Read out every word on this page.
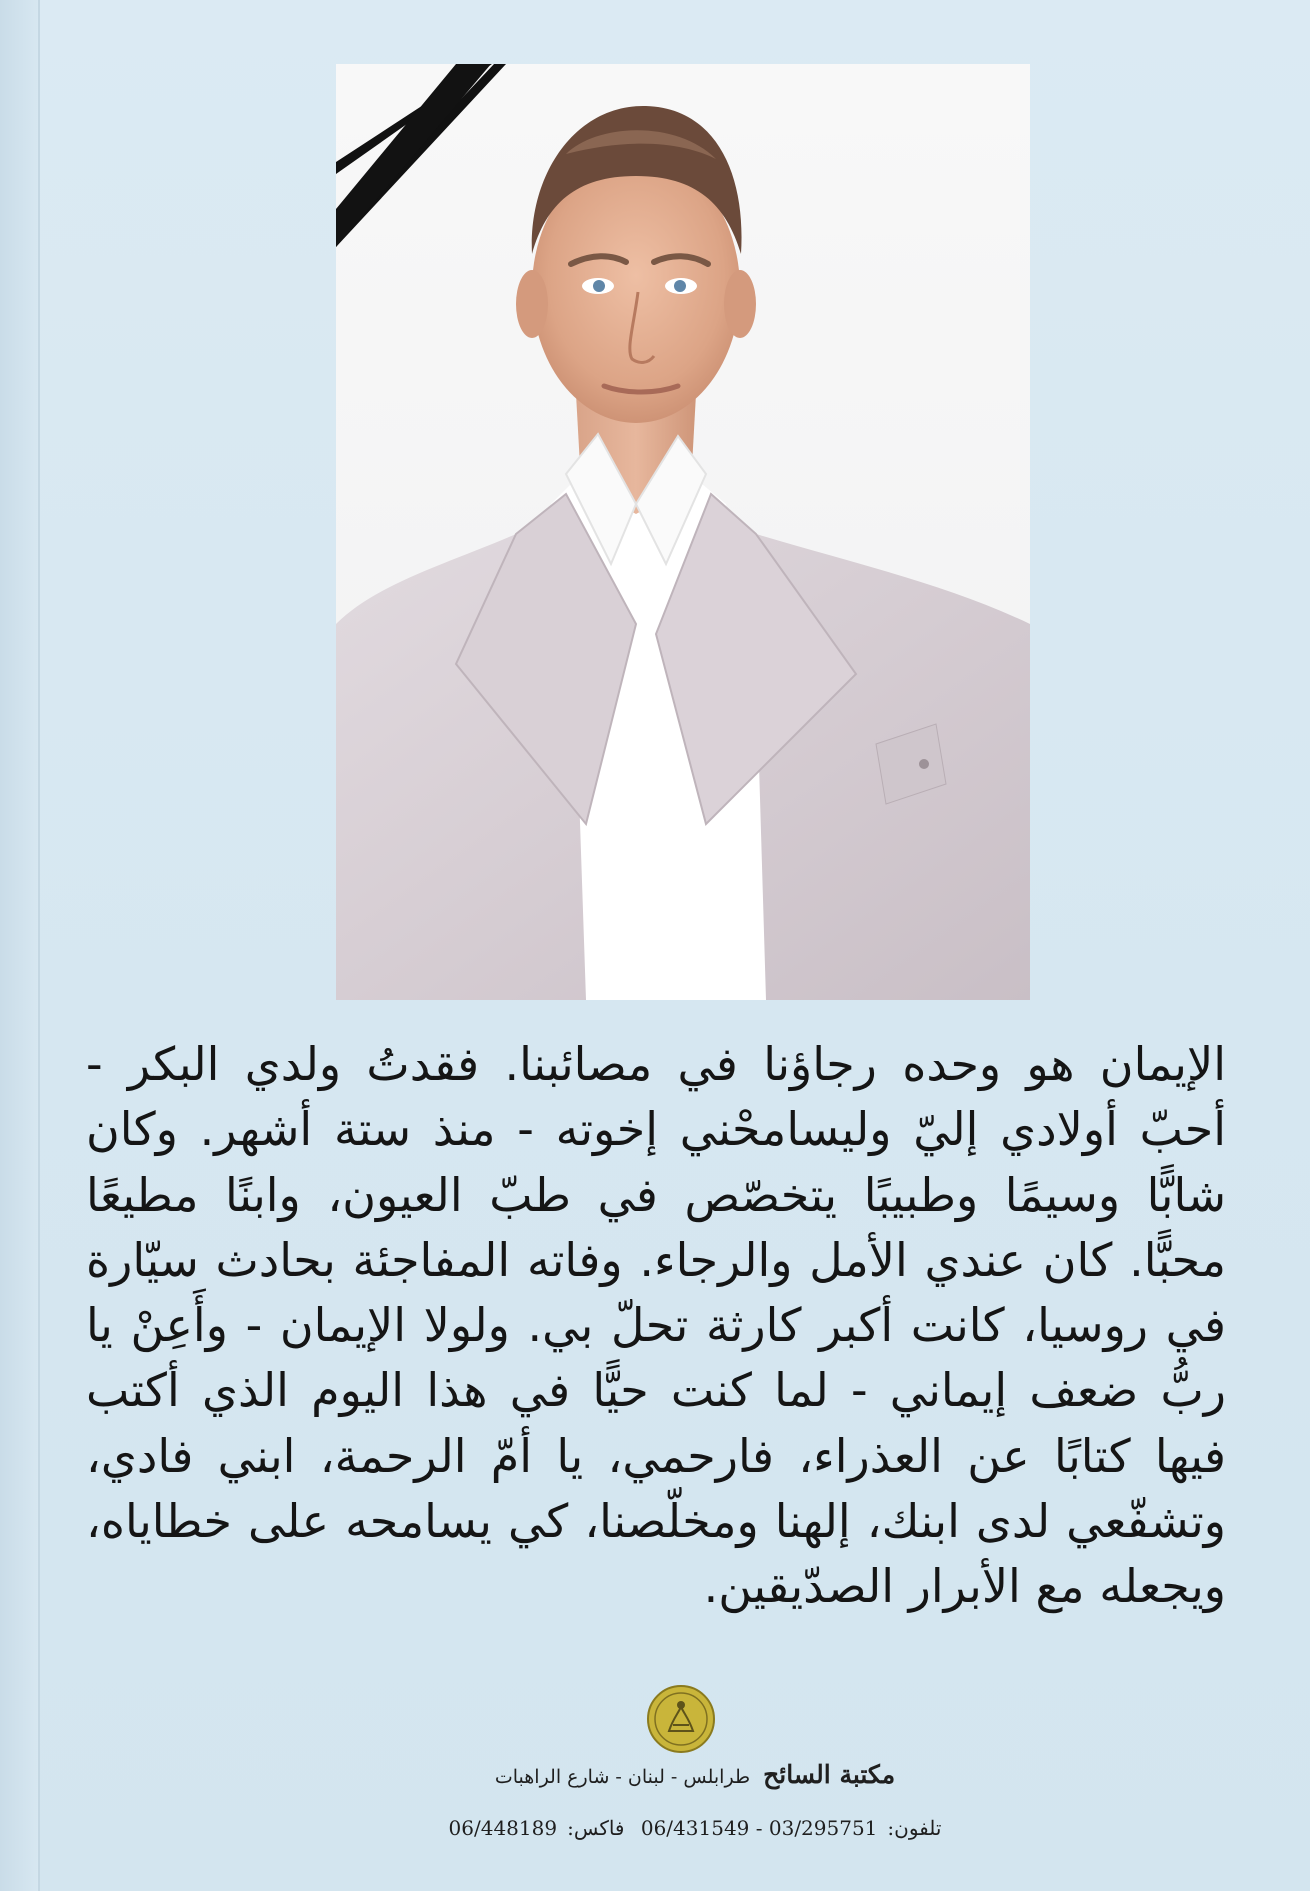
الإيمان هو وحده رجاؤنا في مصائبنا. فقدتُ ولدي البكر - أحبّ أولادي إليّ وليسامحْني إخوته - منذ ستة أشهر. وكان شابًّا وسيمًا وطبيبًا يتخصّص في طبّ العيون، وابنًا مطيعًا محبًّا. كان عندي الأمل والرجاء. وفاته المفاجئة بحادث سيّارة في روسيا، كانت أكبر كارثة تحلّ بي. ولولا الإيمان - وأَعِنْ يا ربُّ ضعف إيماني - لما كنت حيًّا في هذا اليوم الذي أكتب فيها كتابًا عن العذراء، فارحمي، يا أمّ الرحمة، ابني فادي، وتشفّعي لدى ابنك، إلهنا ومخلّصنا، كي يسامحه على خطاياه، ويجعله مع الأبرار الصدّيقين.

مكتبة السائح طرابلس - لبنان - شارع الراهبات
تلفون:06/431549 - 03/295751 فاكس:06/448189
